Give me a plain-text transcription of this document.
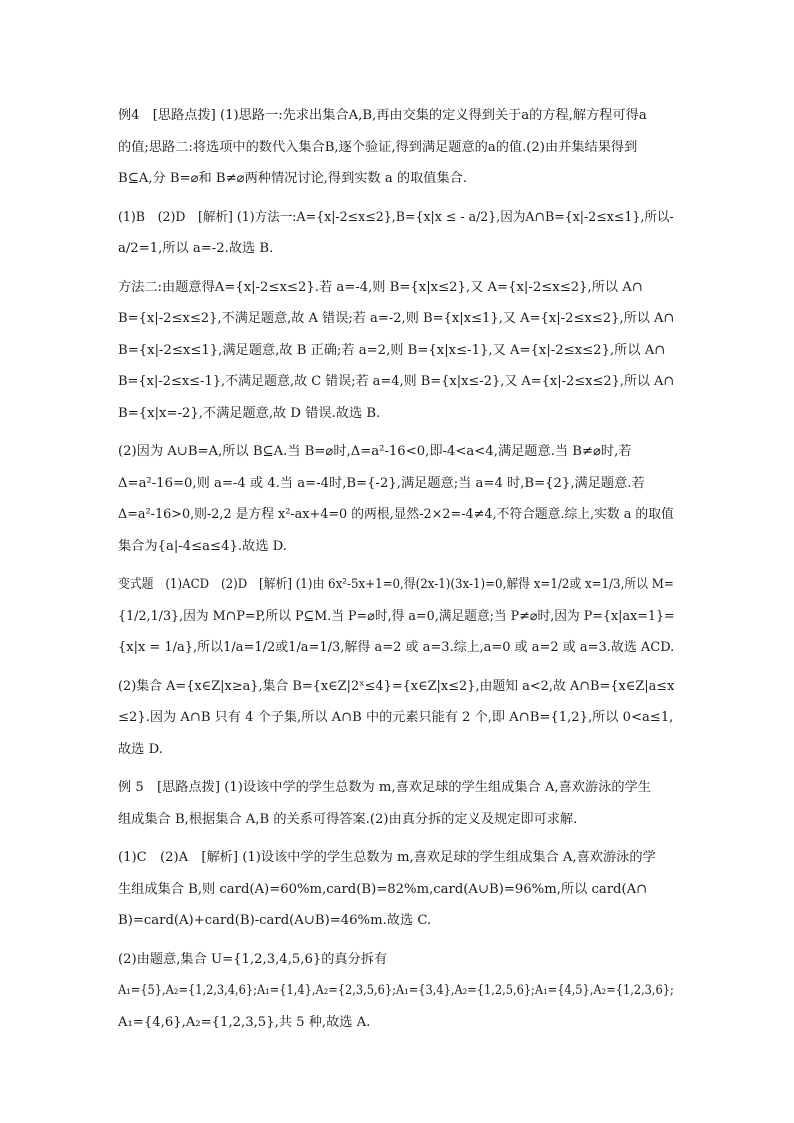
例4　[思路点拨] (1)思路一:先求出集合A,B,再由交集的定义得到关于a的方程,解方程可得a
的值;思路二:将选项中的数代入集合B,逐个验证,得到满足题意的a的值.(2)由并集结果得到
B⊆A,分 B=⌀和 B≠⌀两种情况讨论,得到实数 a 的取值集合.
(1)B　(2)D　[解析] (1)方法一:A={x|-2≤x≤2},B={x|x ≤ - a/2},因为A∩B={x|-2≤x≤1},所以-
a/2=1,所以 a=-2.故选 B.
方法二:由题意得A={x|-2≤x≤2}.若 a=-4,则 B={x|x≤2},又 A={x|-2≤x≤2},所以 A∩
B={x|-2≤x≤2},不满足题意,故 A 错误;若 a=-2,则 B={x|x≤1},又 A={x|-2≤x≤2},所以 A∩
B={x|-2≤x≤1},满足题意,故 B 正确;若 a=2,则 B={x|x≤-1},又 A={x|-2≤x≤2},所以 A∩
B={x|-2≤x≤-1},不满足题意,故 C 错误;若 a=4,则 B={x|x≤-2},又 A={x|-2≤x≤2},所以 A∩
B={x|x=-2},不满足题意,故 D 错误.故选 B.
(2)因为 A∪B=A,所以 B⊆A.当 B=⌀时,Δ=a²-16<0,即-4<a<4,满足题意.当 B≠⌀时,若
Δ=a²-16=0,则 a=-4 或 4.当 a=-4时,B={-2},满足题意;当 a=4 时,B={2},满足题意.若
Δ=a²-16>0,则-2,2 是方程 x²-ax+4=0 的两根,显然-2×2=-4≠4,不符合题意.综上,实数 a 的取值
集合为{a|-4≤a≤4}.故选 D.
变式题　(1)ACD　(2)D　[解析] (1)由 6x²-5x+1=0,得(2x-1)(3x-1)=0,解得 x=1/2或 x=1/3,所以 M= {1/2,1/3},因为 M∩P=P,所以 P⊆M.当 P=⌀时,得 a=0,满足题意;当 P≠⌀时,因为 P={x|ax=1}= {x|x = 1/a},所以1/a=1/2或1/a=1/3,解得 a=2 或 a=3.综上,a=0 或 a=2 或 a=3.故选 ACD.
(2)集合 A={x∈Z|x≥a},集合 B={x∈Z|2ˣ≤4}={x∈Z|x≤2},由题知 a<2,故 A∩B={x∈Z|a≤x ≤2}.因为 A∩B 只有 4 个子集,所以 A∩B 中的元素只能有 2 个,即 A∩B={1,2},所以 0<a≤1,
故选 D.
例 5　[思路点拨] (1)设该中学的学生总数为 m,喜欢足球的学生组成集合 A,喜欢游泳的学生
组成集合 B,根据集合 A,B 的关系可得答案.(2)由真分拆的定义及规定即可求解.
(1)C　(2)A　[解析] (1)设该中学的学生总数为 m,喜欢足球的学生组成集合 A,喜欢游泳的学
生组成集合 B,则 card(A)=60%m,card(B)=82%m,card(A∪B)=96%m,所以 card(A∩
B)=card(A)+card(B)-card(A∪B)=46%m.故选 C.
(2)由题意,集合 U={1,2,3,4,5,6}的真分拆有
A₁={5},A₂={1,2,3,4,6};A₁={1,4},A₂={2,3,5,6};A₁={3,4},A₂={1,2,5,6};A₁={4,5},A₂={1,2,3,6};
A₁={4,6},A₂={1,2,3,5},共 5 种,故选 A.
